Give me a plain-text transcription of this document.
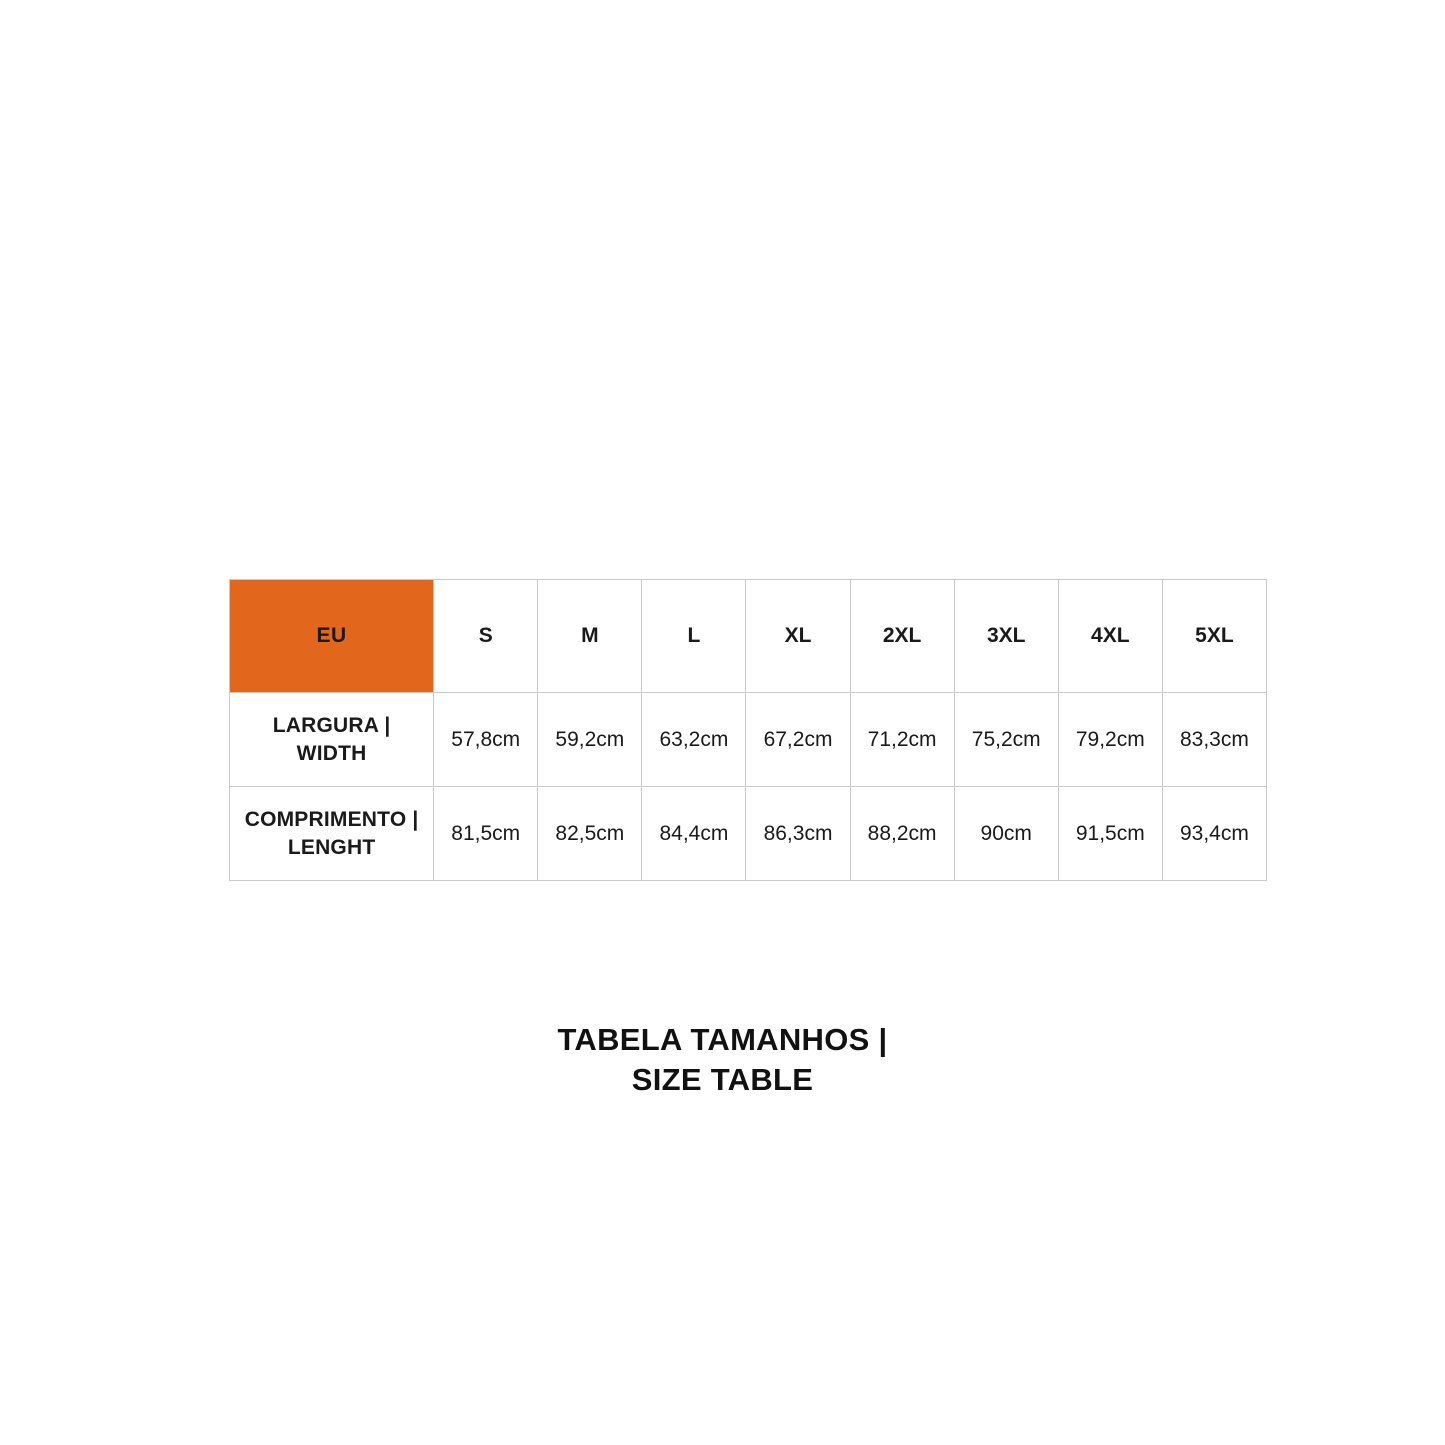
EU	S	M	L	XL	2XL	3XL	4XL	5XL
LARGURA | WIDTH	57,8cm	59,2cm	63,2cm	67,2cm	71,2cm	75,2cm	79,2cm	83,3cm
COMPRIMENTO |
LENGHT	81,5cm	82,5cm	84,4cm	86,3cm	88,2cm	90cm	91,5cm	93,4cm
TABELA TAMANHOS |
SIZE TABLE
